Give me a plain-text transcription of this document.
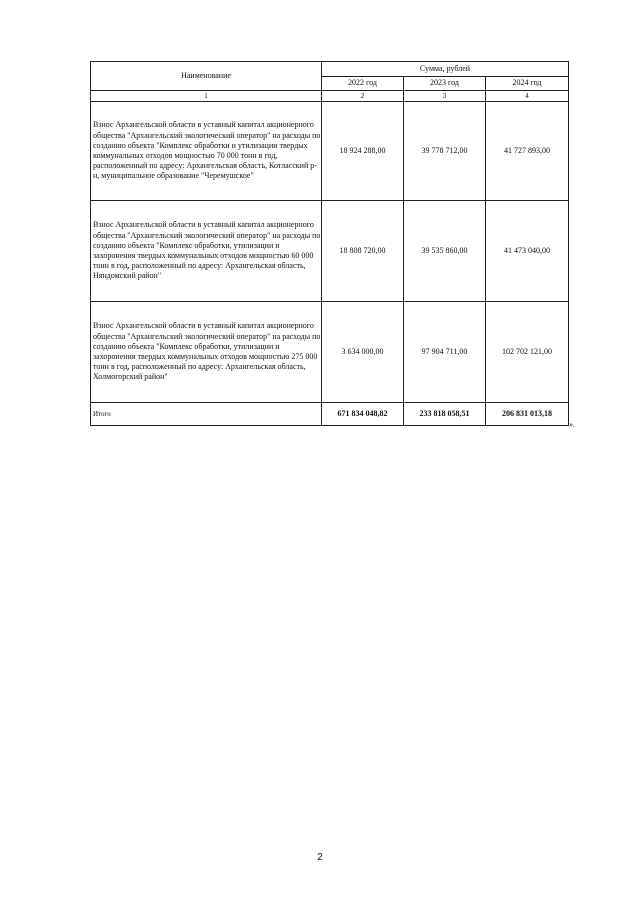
Наименование	Сумма, рублей		
	2022 год	2023 год	2024 год
1	2	3	4
Взнос Архангельской области в уставный капитал акционерного общества "Архангельский экологический оператор" на расходы по созданию объекта "Комплекс обработки и утилизации твердых коммунальных отходов мощностью 70 000 тонн в год, расположенный по адресу: Архангельская область, Котласский р-н, муниципальное образование "Черемушское"	18 924 288,00	39 778 712,00	41 727 893,00
Взнос Архангельской области в уставный капитал акционерного общества "Архангельский экологический оператор" на расходы по созданию объекта "Комплекс обработки, утилизации и захоронения твердых коммунальных отходов мощностью 60 000 тонн в год, расположенный по адресу: Архангельская область, Няндомский район"	18 808 720,00	39 535 860,00	41 473 040,00
Взнос Архангельской области в уставный капитал акционерного общества "Архангельский экологический оператор" на расходы по созданию объекта "Комплекс обработки, утилизации и захоронения твердых коммунальных отходов мощностью 275 000 тонн в год, расположенный по адресу: Архангельская область, Холмогорский район"	3 634 000,00	97 904 711,00	102 702 121,00
Итого	671 834 048,82	233 818 058,51	206 831 013,18
».
2
